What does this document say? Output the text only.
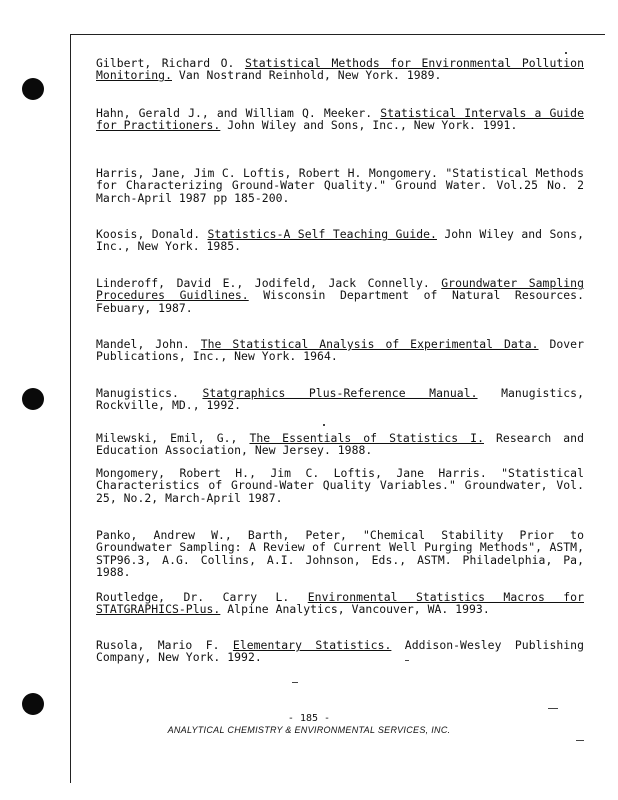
Gilbert, Richard O. Statistical Methods for Environmental Pollution Monitoring. Van Nostrand Reinhold, New York. 1989.
Hahn, Gerald J., and William Q. Meeker. Statistical Intervals a Guide for Practitioners. John Wiley and Sons, Inc., New York. 1991.
Harris, Jane, Jim C. Loftis, Robert H. Mongomery. "Statistical Methods for Characterizing Ground-Water Quality." Ground Water. Vol.25 No. 2 March-April 1987 pp 185-200.
Koosis, Donald. Statistics-A Self Teaching Guide. John Wiley and Sons, Inc., New York. 1985.
Linderoff, David E., Jodifeld, Jack Connelly. Groundwater Sampling Procedures Guidlines. Wisconsin Department of Natural Resources. Febuary, 1987.
Mandel, John. The Statistical Analysis of Experimental Data. Dover Publications, Inc., New York. 1964.
Manugistics. Statgraphics Plus-Reference Manual. Manugistics, Rockville, MD., 1992.
Milewski, Emil, G., The Essentials of Statistics I. Research and Education Association, New Jersey. 1988.
Mongomery, Robert H., Jim C. Loftis, Jane Harris. "Statistical Characteristics of Ground-Water Quality Variables." Groundwater, Vol. 25, No.2, March-April 1987.
Panko, Andrew W., Barth, Peter, "Chemical Stability Prior to Groundwater Sampling: A Review of Current Well Purging Methods", ASTM, STP96.3, A.G. Collins, A.I. Johnson, Eds., ASTM. Philadelphia, Pa, 1988.
Routledge, Dr. Carry L. Environmental Statistics Macros for STATGRAPHICS-Plus. Alpine Analytics, Vancouver, WA. 1993.
Rusola, Mario F. Elementary Statistics. Addison-Wesley Publishing Company, New York. 1992.
- 185 -
ANALYTICAL CHEMISTRY & ENVIRONMENTAL SERVICES, INC.
